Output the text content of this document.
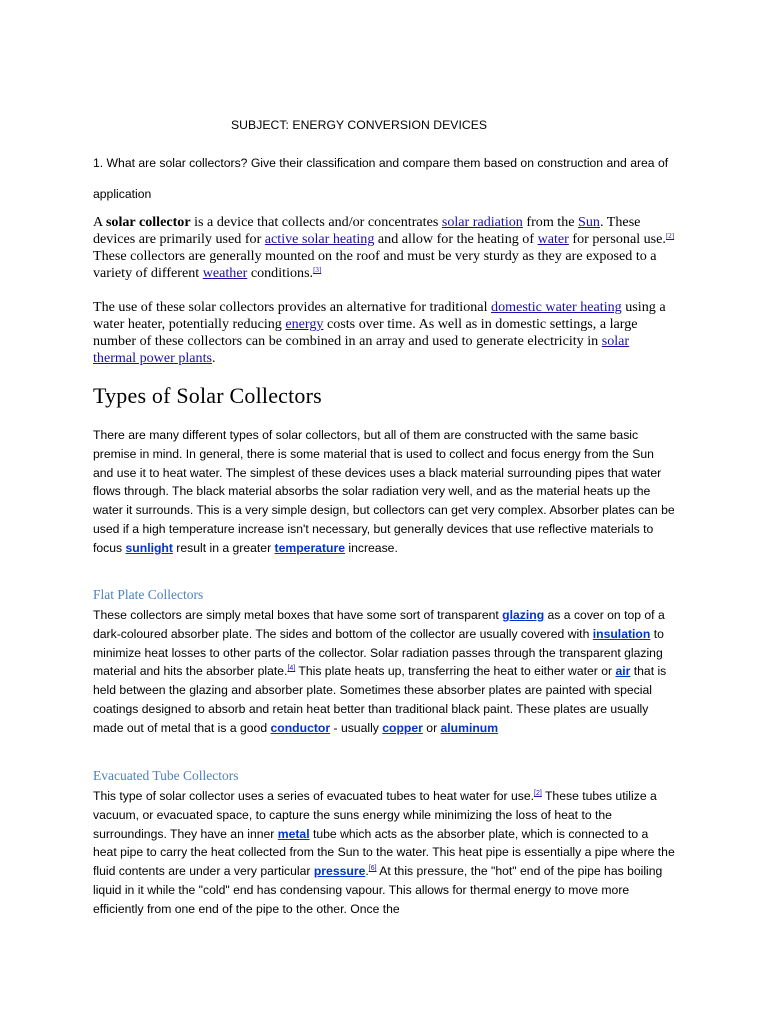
SUBJECT: ENERGY CONVERSION DEVICES

1. What are solar collectors? Give their classification and compare them based on construction and area of application

A solar collector is a device that collects and/or concentrates solar radiation from the Sun. These devices are primarily used for active solar heating and allow for the heating of water for personal use.[2] These collectors are generally mounted on the roof and must be very sturdy as they are exposed to a variety of different weather conditions.[3]

The use of these solar collectors provides an alternative for traditional domestic water heating using a water heater, potentially reducing energy costs over time. As well as in domestic settings, a large number of these collectors can be combined in an array and used to generate electricity in solar thermal power plants.

Types of Solar Collectors

There are many different types of solar collectors, but all of them are constructed with the same basic premise in mind. In general, there is some material that is used to collect and focus energy from the Sun and use it to heat water. The simplest of these devices uses a black material surrounding pipes that water flows through. The black material absorbs the solar radiation very well, and as the material heats up the water it surrounds. This is a very simple design, but collectors can get very complex. Absorber plates can be used if a high temperature increase isn't necessary, but generally devices that use reflective materials to focus sunlight result in a greater temperature increase.

Flat Plate Collectors

These collectors are simply metal boxes that have some sort of transparent glazing as a cover on top of a dark-coloured absorber plate. The sides and bottom of the collector are usually covered with insulation to minimize heat losses to other parts of the collector. Solar radiation passes through the transparent glazing material and hits the absorber plate.[4] This plate heats up, transferring the heat to either water or air that is held between the glazing and absorber plate. Sometimes these absorber plates are painted with special coatings designed to absorb and retain heat better than traditional black paint. These plates are usually made out of metal that is a good conductor - usually copper or aluminum

Evacuated Tube Collectors

This type of solar collector uses a series of evacuated tubes to heat water for use.[2] These tubes utilize a vacuum, or evacuated space, to capture the suns energy while minimizing the loss of heat to the surroundings. They have an inner metal tube which acts as the absorber plate, which is connected to a heat pipe to carry the heat collected from the Sun to the water. This heat pipe is essentially a pipe where the fluid contents are under a very particular pressure.[6] At this pressure, the "hot" end of the pipe has boiling liquid in it while the "cold" end has condensing vapour. This allows for thermal energy to move more efficiently from one end of the pipe to the other. Once the
